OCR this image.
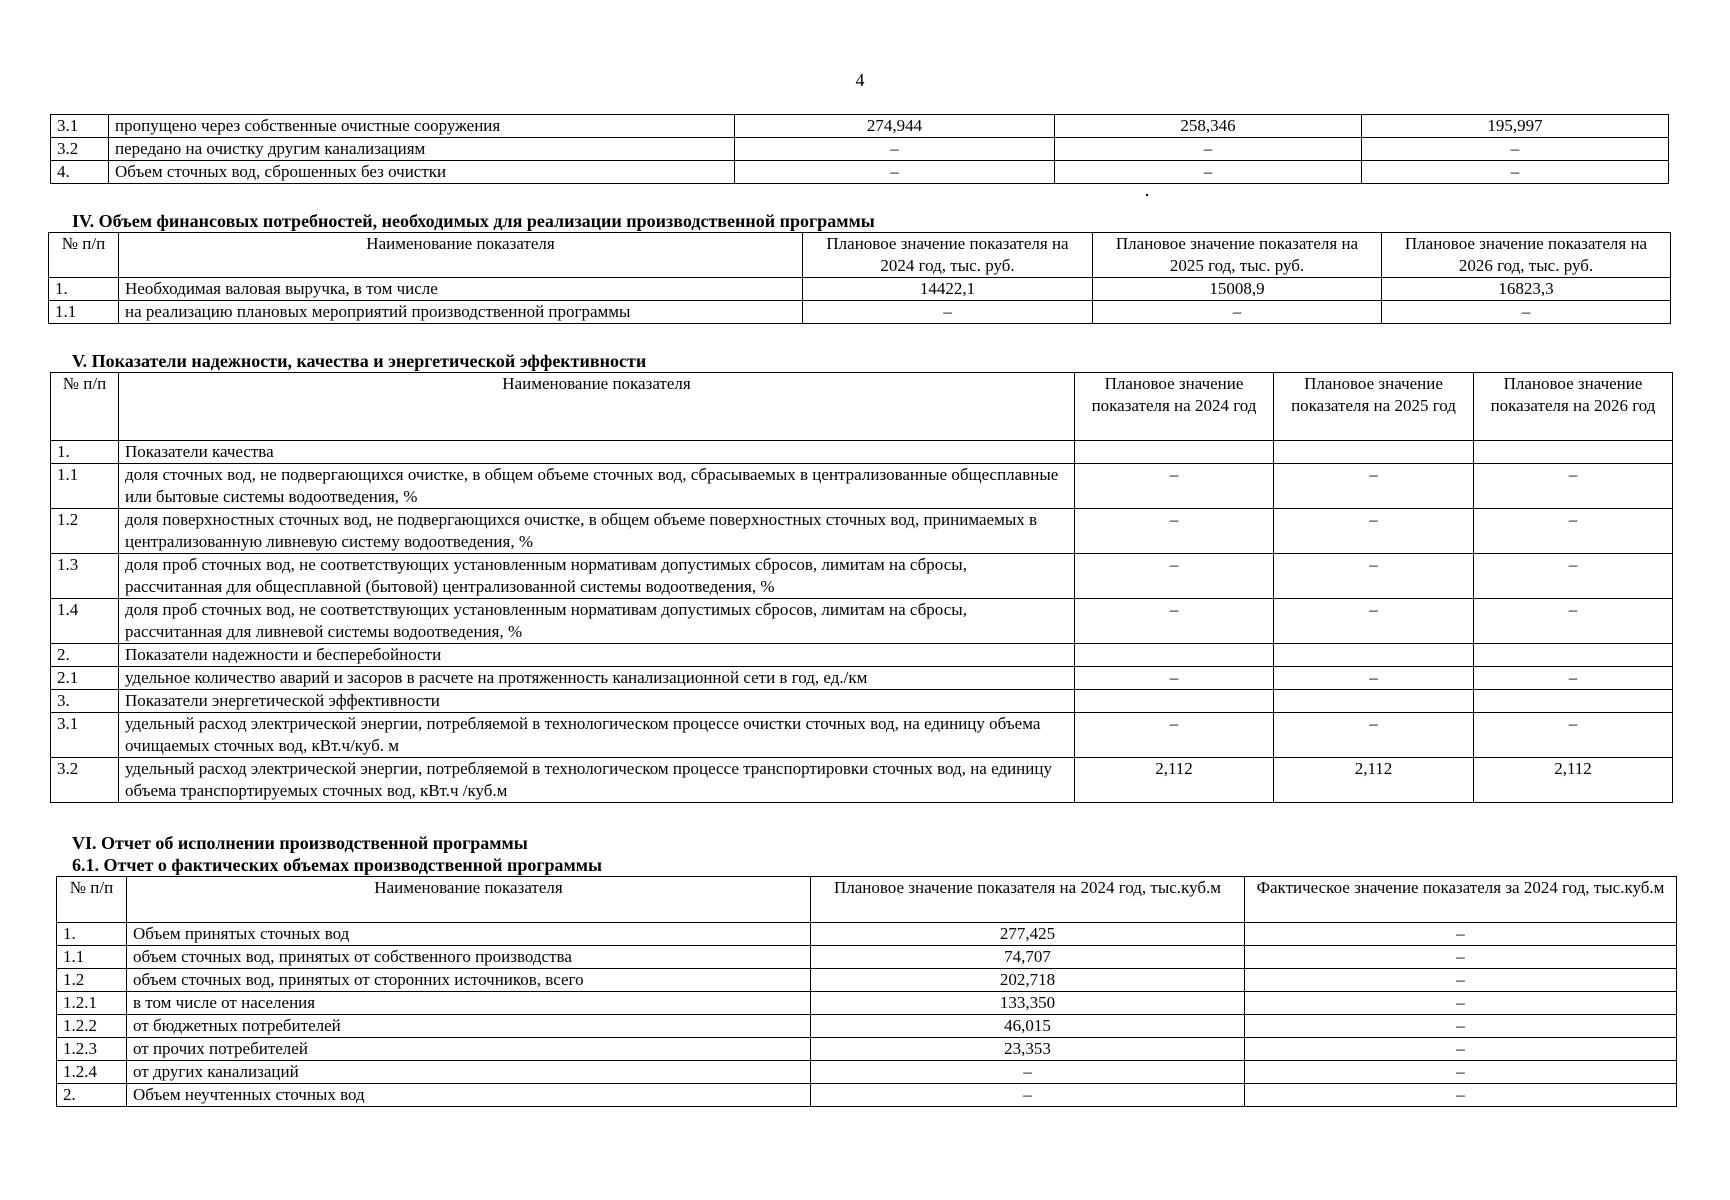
4
3.1	пропущено через собственные очистные сооружения	274,944	258,346	195,997
3.2	передано на очистку другим канализациям	–	–	–
4.	Объем сточных вод, сброшенных без очистки	–	–	–
IV. Объем финансовых потребностей, необходимых для реализации производственной программы
№ п/п	Наименование показателя	Плановое значение показателя на 2024 год, тыс. руб.	Плановое значение показателя на 2025 год, тыс. руб.	Плановое значение показателя на 2026 год, тыс. руб.
1.	Необходимая валовая выручка, в том числе	14422,1	15008,9	16823,3
1.1	на реализацию плановых мероприятий производственной программы	–	–	–
V. Показатели надежности, качества и энергетической эффективности
№ п/п	Наименование показателя	Плановое значение показателя на 2024 год	Плановое значение показателя на 2025 год	Плановое значение показателя на 2026 год
1.	Показатели качества			
1.1	доля сточных вод, не подвергающихся очистке, в общем объеме сточных вод, сбрасываемых в централизованные общесплавные или бытовые системы водоотведения, %	–	–	–
1.2	доля поверхностных сточных вод, не подвергающихся очистке, в общем объеме поверхностных сточных вод, принимаемых в централизованную ливневую систему водоотведения, %	–	–	–
1.3	доля проб сточных вод, не соответствующих установленным нормативам допустимых сбросов, лимитам на сбросы, рассчитанная для общесплавной (бытовой) централизованной системы водоотведения, %	–	–	–
1.4	доля проб сточных вод, не соответствующих установленным нормативам допустимых сбросов, лимитам на сбросы, рассчитанная для ливневой системы водоотведения, %	–	–	–
2.	Показатели надежности и бесперебойности			
2.1	удельное количество аварий и засоров в расчете на протяженность канализационной сети в год, ед./км	–	–	–
3.	Показатели энергетической эффективности			
3.1	удельный расход электрической энергии, потребляемой в технологическом процессе очистки сточных вод, на единицу объема очищаемых сточных вод, кВт.ч/куб. м	–	–	–
3.2	удельный расход электрической энергии, потребляемой в технологическом процессе транспортировки сточных вод, на единицу объема транспортируемых сточных вод, кВт.ч /куб.м	2,112	2,112	2,112
VI. Отчет об исполнении производственной программы
6.1. Отчет о фактических объемах производственной программы
№ п/п	Наименование показателя	Плановое значение показателя на 2024 год, тыс.куб.м	Фактическое значение показателя за 2024 год, тыс.куб.м
1.	Объем принятых сточных вод	277,425	–
1.1	объем сточных вод, принятых от собственного производства	74,707	–
1.2	объем сточных вод, принятых от сторонних источников, всего	202,718	–
1.2.1	в том числе от населения	133,350	–
1.2.2	от бюджетных потребителей	46,015	–
1.2.3	от прочих потребителей	23,353	–
1.2.4	от других канализаций	–	–
2.	Объем неучтенных сточных вод	–	–
